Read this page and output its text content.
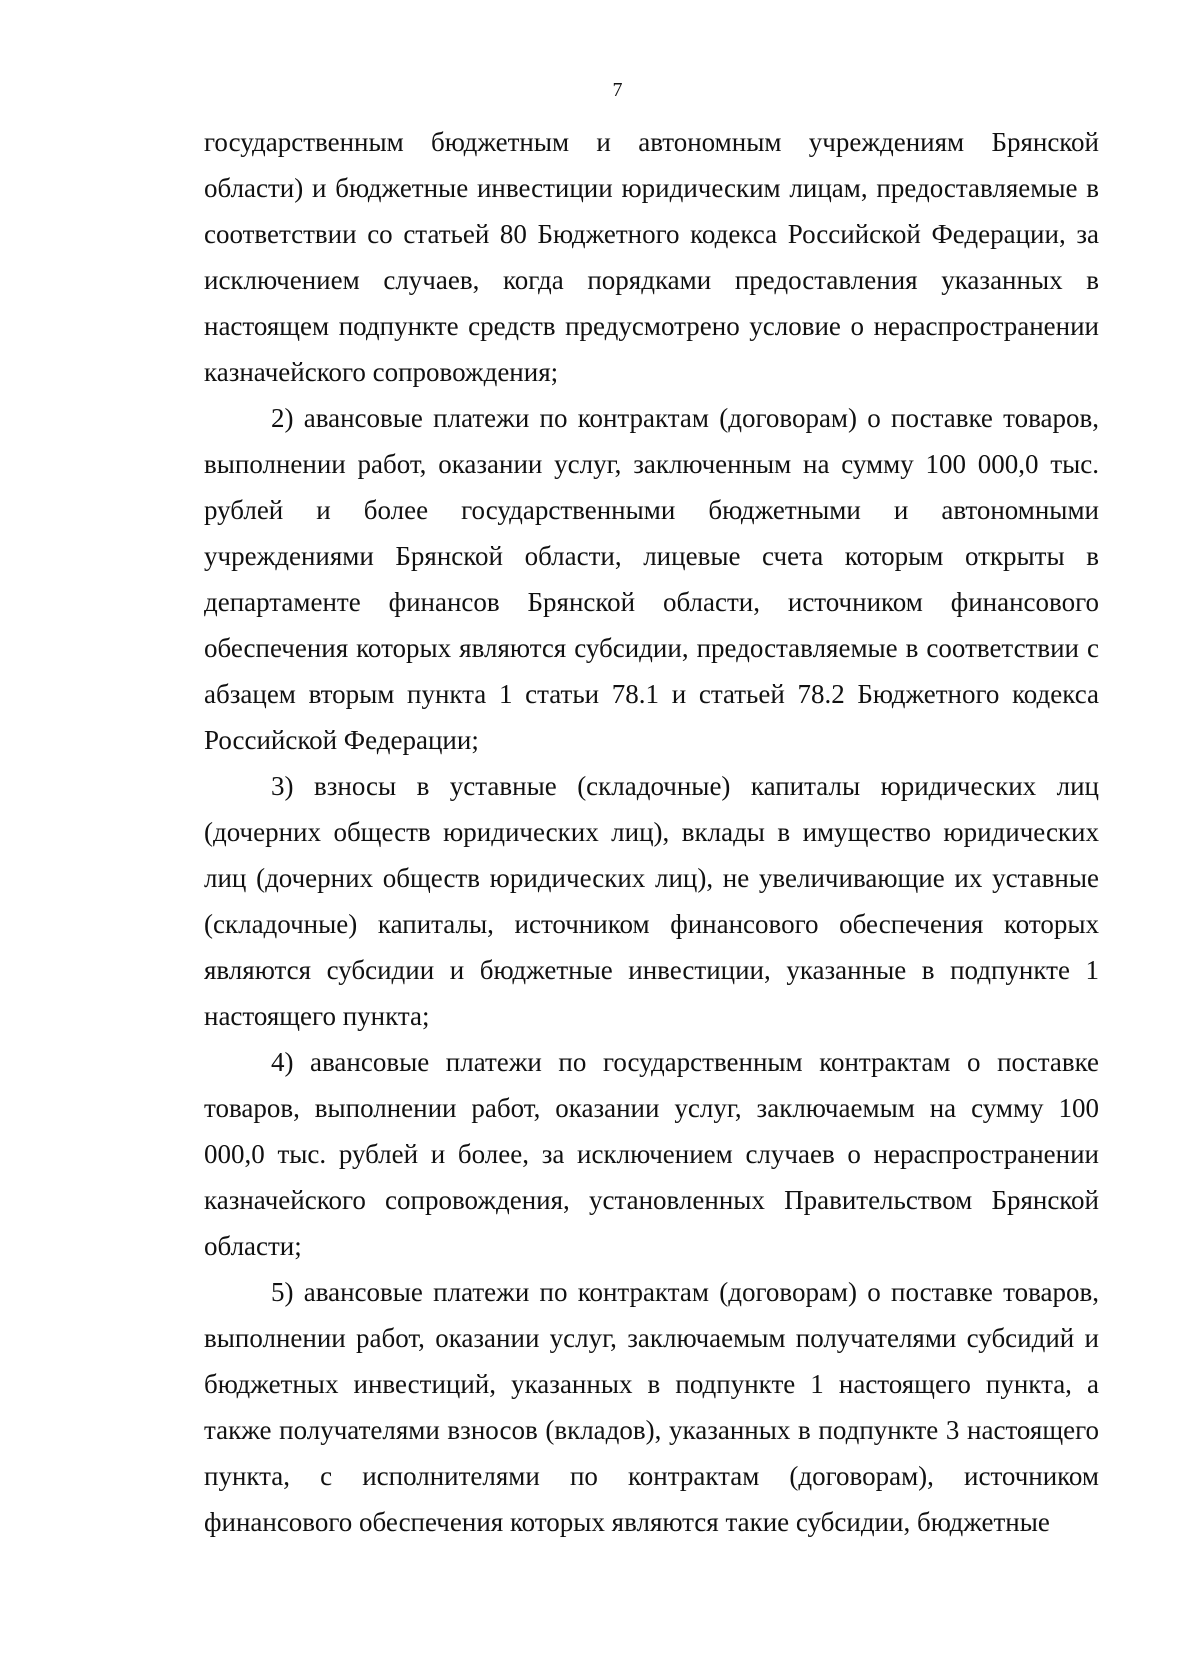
7

государственным бюджетным и автономным учреждениям Брянской области) и бюджетные инвестиции юридическим лицам, предоставляемые в соответствии со статьей 80 Бюджетного кодекса Российской Федерации, за исключением случаев, когда порядками предоставления указанных в настоящем подпункте средств предусмотрено условие о нераспространении казначейского сопровождения;

2) авансовые платежи по контрактам (договорам) о поставке товаров, выполнении работ, оказании услуг, заключенным на сумму 100 000,0 тыс. рублей и более государственными бюджетными и автономными учреждениями Брянской области, лицевые счета которым открыты в департаменте финансов Брянской области, источником финансового обеспечения которых являются субсидии, предоставляемые в соответствии с абзацем вторым пункта 1 статьи 78.1 и статьей 78.2 Бюджетного кодекса Российской Федерации;

3) взносы в уставные (складочные) капиталы юридических лиц (дочерних обществ юридических лиц), вклады в имущество юридических лиц (дочерних обществ юридических лиц), не увеличивающие их уставные (складочные) капиталы, источником финансового обеспечения которых являются субсидии и бюджетные инвестиции, указанные в подпункте 1 настоящего пункта;

4) авансовые платежи по государственным контрактам о поставке товаров, выполнении работ, оказании услуг, заключаемым на сумму 100 000,0 тыс. рублей и более, за исключением случаев о нераспространении казначейского сопровождения, установленных Правительством Брянской области;

5) авансовые платежи по контрактам (договорам) о поставке товаров, выполнении работ, оказании услуг, заключаемым получателями субсидий и бюджетных инвестиций, указанных в подпункте 1 настоящего пункта, а также получателями взносов (вкладов), указанных в подпункте 3 настоящего пункта, с исполнителями по контрактам (договорам), источником финансового обеспечения которых являются такие субсидии, бюджетные
